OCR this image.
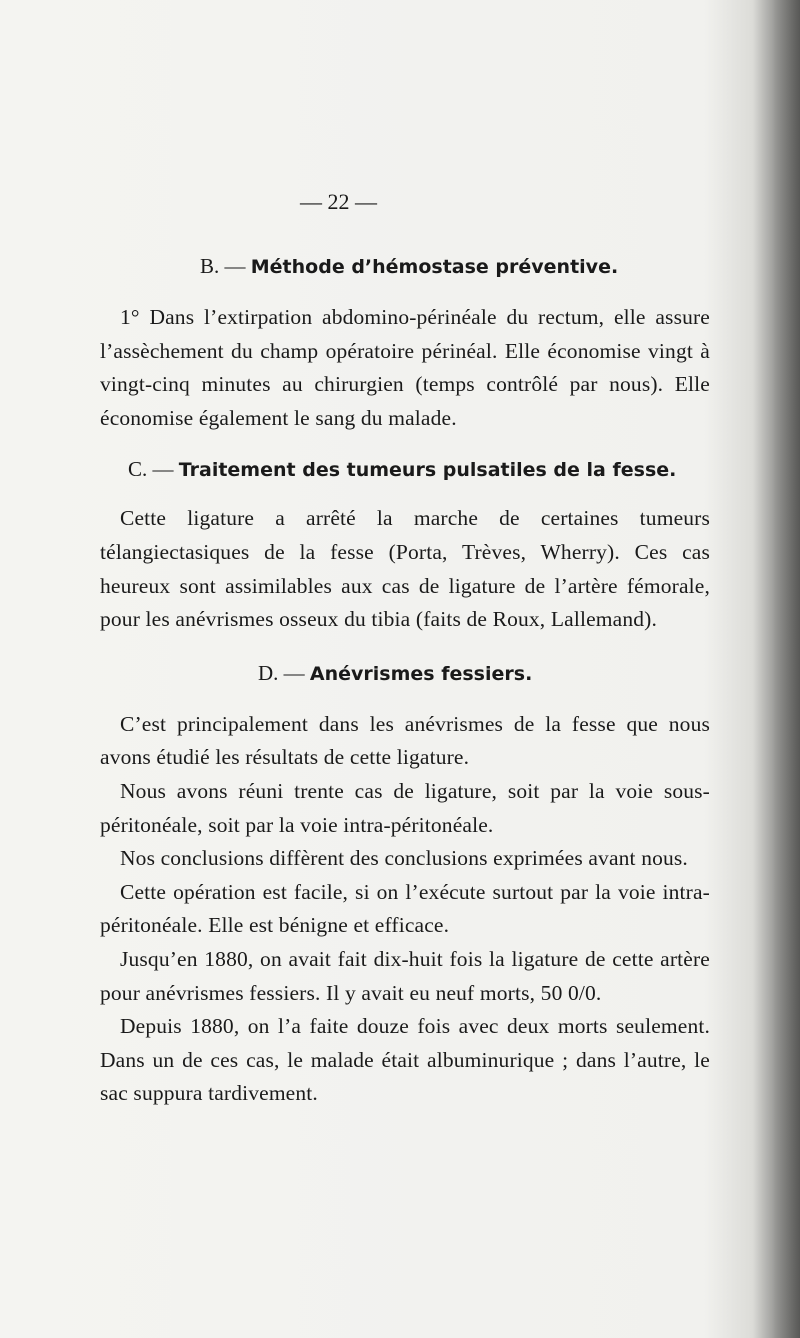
— 22 —
B. — Méthode d’hémostase préventive.

1° Dans l’extirpation abdomino-périnéale du rectum, elle assure l’assèchement du champ opératoire périnéal. Elle économise vingt à vingt-cinq minutes au chirurgien (temps contrôlé par nous). Elle économise également le sang du malade.

C. — Traitement des tumeurs pulsatiles de la fesse.

Cette ligature a arrêté la marche de certaines tumeurs télangiectasiques de la fesse (Porta, Trèves, Wherry). Ces cas heureux sont assimilables aux cas de ligature de l’artère fémorale, pour les anévrismes osseux du tibia (faits de Roux, Lallemand).

D. — Anévrismes fessiers.

C’est principalement dans les anévrismes de la fesse que nous avons étudié les résultats de cette ligature.

Nous avons réuni trente cas de ligature, soit par la voie sous-péritonéale, soit par la voie intra-péritonéale.

Nos conclusions diffèrent des conclusions exprimées avant nous.

Cette opération est facile, si on l’exécute surtout par la voie intra-péritonéale. Elle est bénigne et efficace.

Jusqu’en 1880, on avait fait dix-huit fois la ligature de cette artère pour anévrismes fessiers. Il y avait eu neuf morts, 50 0/0.

Depuis 1880, on l’a faite douze fois avec deux morts seulement. Dans un de ces cas, le malade était albuminurique ; dans l’autre, le sac suppura tardivement.
